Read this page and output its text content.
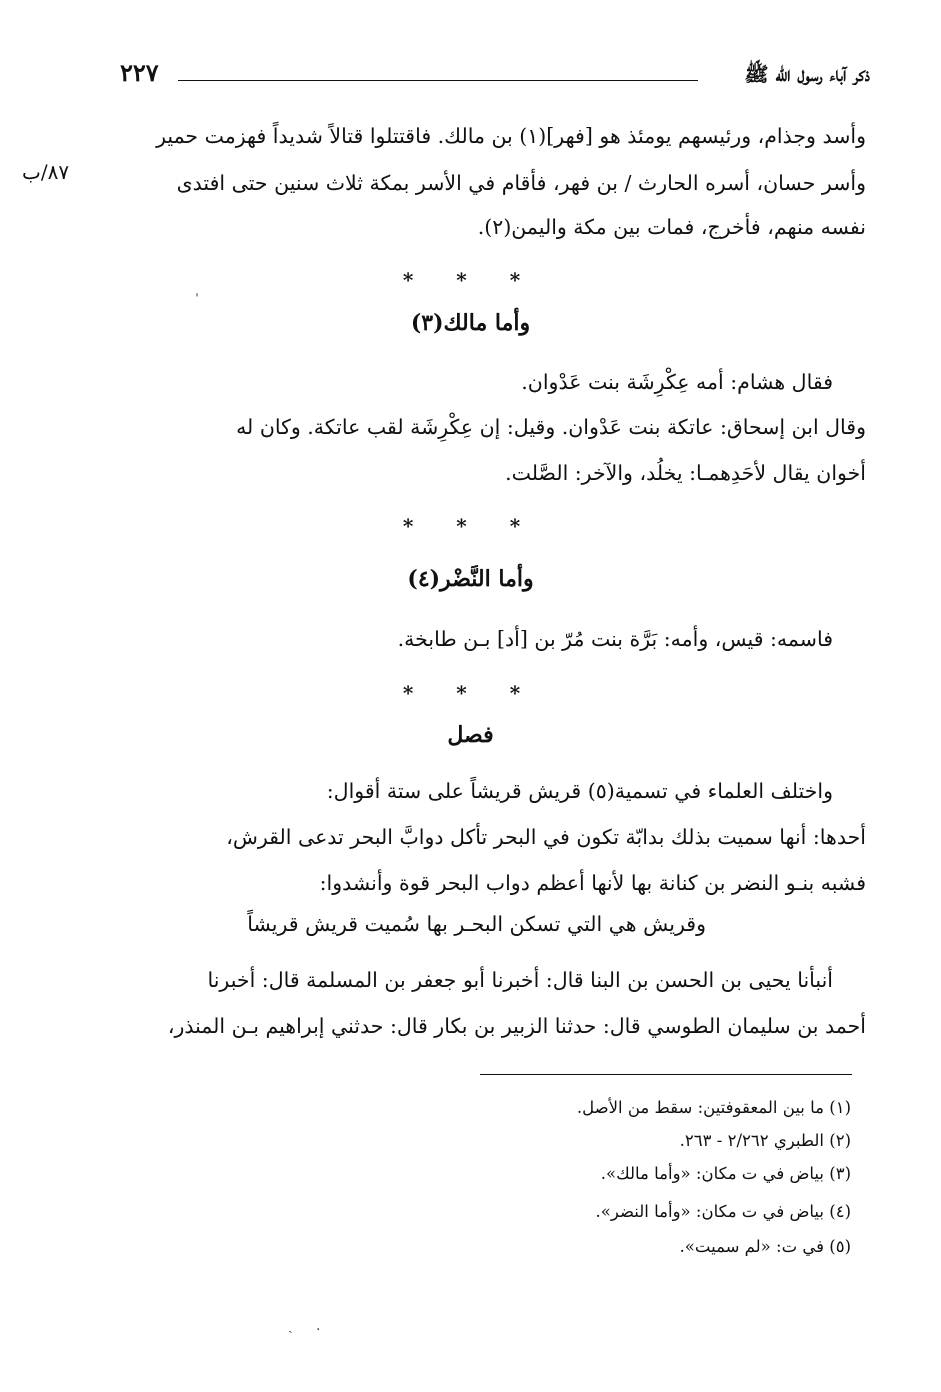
ذكر آباء رسول الله ﷺ
٢٢٧
وأسد وجذام، ورئيسهم يومئذ هو [فهر](١) بن مالك. فاقتتلوا قتالاً شديداً فهزمت حمير
وأسر حسان، أسره الحارث / بن فهر، فأقام في الأسر بمكة ثلاث سنين حتى افتدى
٨٧/ب
نفسه منهم، فأخرج، فمات بين مكة واليمن(٢).
* * *
وأما مالك(٣)
فقال هشام: أمه عِكْرِشَة بنت عَدْوان.
وقال ابن إسحاق: عاتكة بنت عَدْوان. وقيل: إن عِكْرِشَة لقب عاتكة. وكان له
أخوان يقال لأحَدِهمـا: يخلُد، والآخر: الصَّلت.
* * *
وأما النَّضْر(٤)
فاسمه: قيس، وأمه: بَرَّة بنت مُرّ بن [أد] بـن طابخة.
* * *
فصل
واختلف العلماء في تسمية(٥) قريش قريشاً على ستة أقوال:
أحدها: أنها سميت بذلك بدابّة تكون في البحر تأكل دوابَّ البحر تدعى القرش،
فشبه بنـو النضر بن كنانة بها لأنها أعظم دواب البحر قوة وأنشدوا:
وقريش هي التي تسكن البحـر بها سُميت قريش قريشاً
أنبأنا يحيى بن الحسن بن البنا قال: أخبرنا أبو جعفر بن المسلمة قال: أخبرنا
أحمد بن سليمان الطوسي قال: حدثنا الزبير بن بكار قال: حدثني إبراهيم بـن المنذر،
(١) ما بين المعقوفتين: سقط من الأصل.
(٢) الطبري ٢/٢٦٢ - ٢٦٣.
(٣) بياض في ت مكان: «وأما مالك».
(٤) بياض في ت مكان: «وأما النضر».
(٥) في ت: «لم سميت».
ˈ
ˏ ·
